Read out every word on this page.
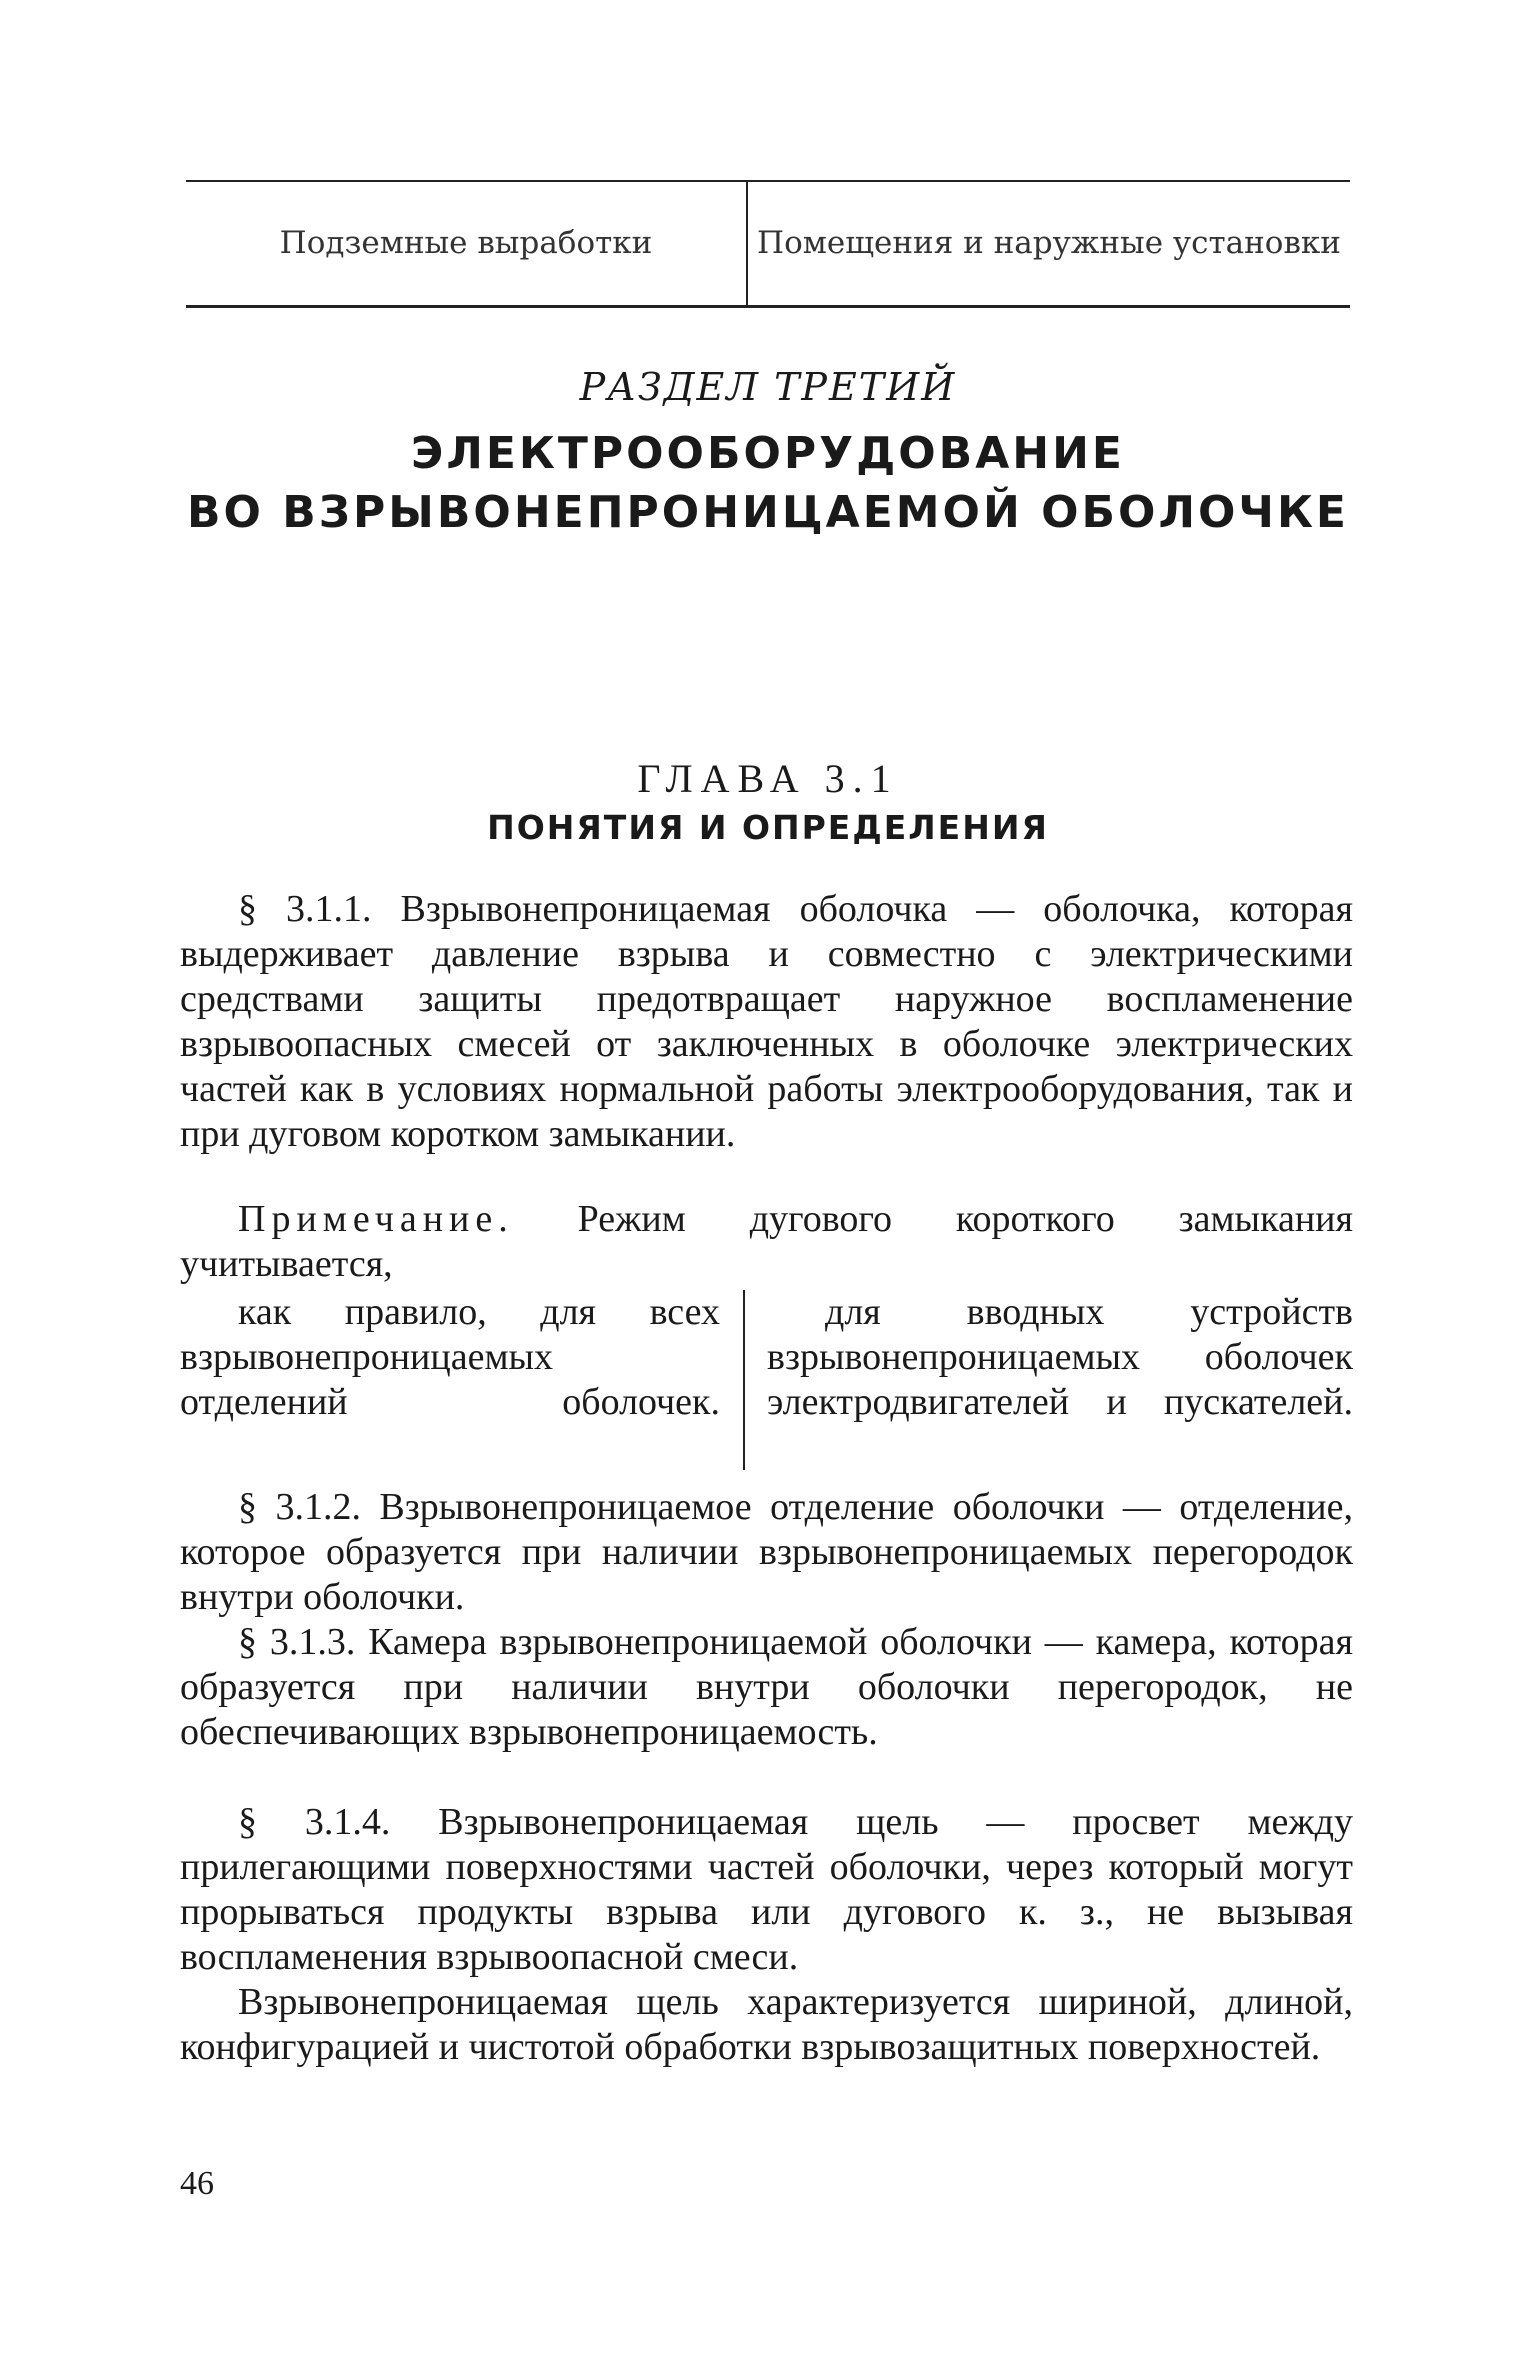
Подземные выработки	Помещения и наружные установки
РАЗДЕЛ ТРЕТИЙ
ЭЛЕКТРООБОРУДОВАНИЕ
ВО ВЗРЫВОНЕПРОНИЦАЕМОЙ ОБОЛОЧКЕ
ГЛАВА 3.1
ПОНЯТИЯ И ОПРЕДЕЛЕНИЯ

§ 3.1.1. Взрывонепроницаемая оболочка — оболочка, которая выдерживает давление взрыва и совместно с электрическими средствами защиты предотвращает наружное воспламенение взрывоопасных смесей от заключенных в оболочке электрических частей как в условиях нормальной работы электрооборудования, так и при дуговом коротком замыкании.

Примечание. Режим дугового короткого замыкания учитывается,

как правило, для всех взрывонепроницаемых отделений оболочек.

для вводных устройств взрывонепроницаемых оболочек электродвигателей и пускателей.

§ 3.1.2. Взрывонепроницаемое отделение оболочки — отделение, которое образуется при наличии взрывонепроницаемых перегородок внутри оболочки.

§ 3.1.3. Камера взрывонепроницаемой оболочки — камера, которая образуется при наличии внутри оболочки перегородок, не обеспечивающих взрывонепроницаемость.

§ 3.1.4. Взрывонепроницаемая щель — просвет между прилегающими поверхностями частей оболочки, через который могут прорываться продукты взрыва или дугового к. з., не вызывая воспламенения взрывоопасной смеси.

Взрывонепроницаемая щель характеризуется шириной, длиной, конфигурацией и чистотой обработки взрывозащитных поверхностей.

46
